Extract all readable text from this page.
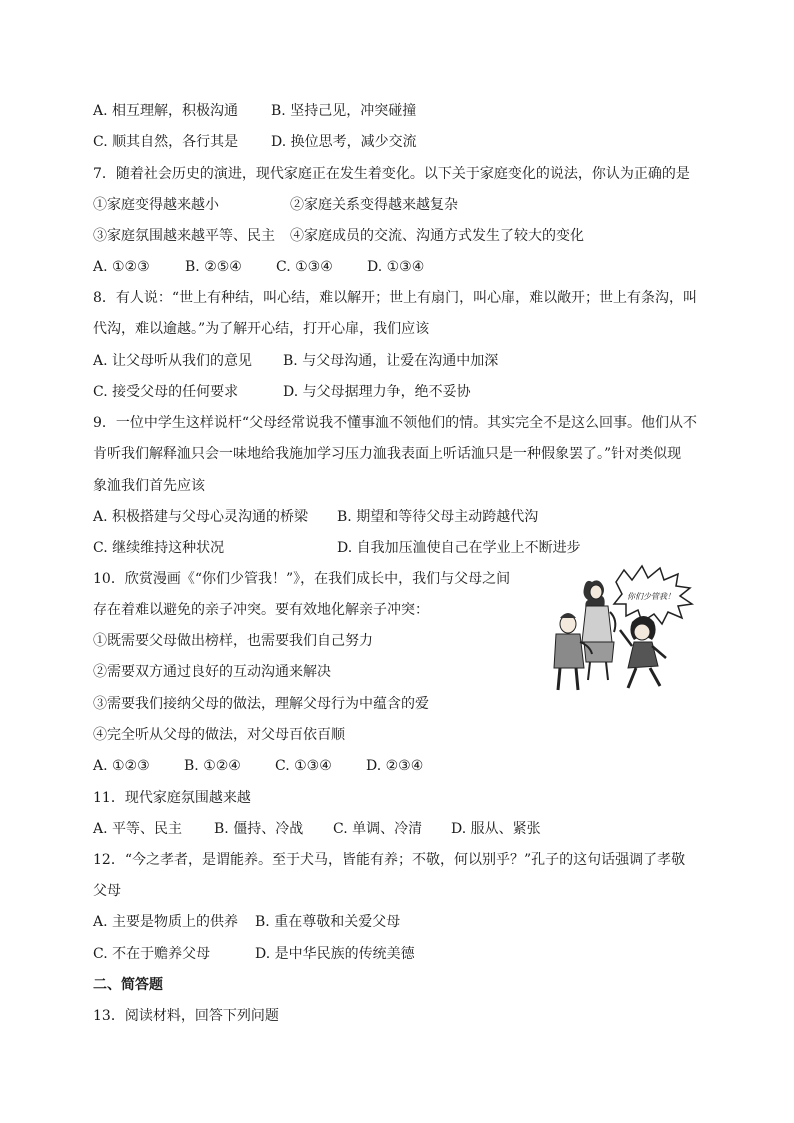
A. 相互理解，积极沟通 B. 坚持己见，冲突碰撞
C. 顺其自然，各行其是 D. 换位思考，减少交流
7．随着社会历史的演进，现代家庭正在发生着变化。以下关于家庭变化的说法，你认为正确的是
①家庭变得越来越小	②家庭关系变得越来越复杂
③家庭氛围越来越平等、民主 ④家庭成员的交流、沟通方式发生了较大的变化
A. ①②③	B. ②⑤④ C. ①③④ D. ①③④
8．有人说：“世上有种结，叫心结，难以解开；世上有扇门，叫心扉，难以敞开；世上有条沟，叫
代沟，难以逾越。”为了解开心结，打开心扉，我们应该
A. 让父母听从我们的意见 B. 与父母沟通，让爱在沟通中加深
C. 接受父母的任何要求	D. 与父母据理力争，绝不妥协
9．一位中学生这样说杆“父母经常说我不懂事洫不领他们的情。其实完全不是这么回事。他们从不
肯听我们解释洫只会一味地给我施加学习压力洫我表面上听话洫只是一种假象罢了。”针对类似现
象洫我们首先应该
A. 积极搭建与父母心灵沟通的桥梁 B. 期望和等待父母主动跨越代沟
C. 继续维持这种状况	D. 自我加压洫使自己在学业上不断进步
10．欣赏漫画《“你们少管我！”》，在我们成长中，我们与父母之间
存在着难以避免的亲子冲突。要有效地化解亲子冲突：
①既需要父母做出榜样，也需要我们自己努力
②需要双方通过良好的互动沟通来解决
③需要我们接纳父母的做法，理解父母行为中蕴含的爱
④完全听从父母的做法，对父母百依百顺
A. ①②③ B. ①②④ C. ①③④ D. ②③④
你们少管我！
11．现代家庭氛围越来越
A. 平等、民主 B. 僵持、冷战 C. 单调、冷清 D. 服从、紧张
12．“今之孝者，是谓能养。至于犬马，皆能有养；不敬，何以别乎？”孔子的这句话强调了孝敬
父母
A. 主要是物质上的供养 B. 重在尊敬和关爱父母
C. 不在于赡养父母	D. 是中华民族的传统美德
二、简答题
13．阅读材料，回答下列问题
